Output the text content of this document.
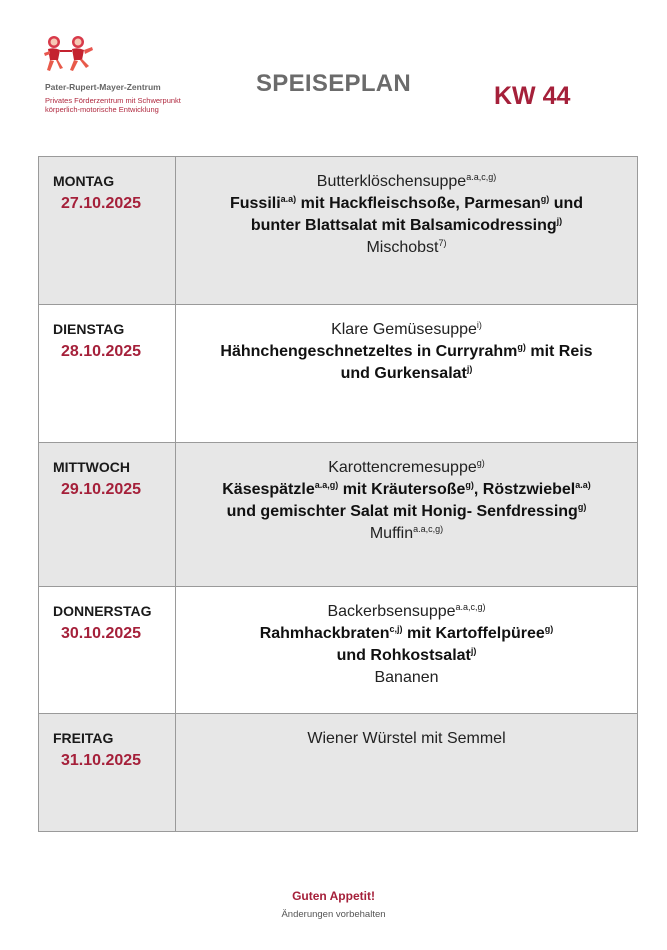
Pater-Rupert-Mayer-Zentrum
Privates Förderzentrum mit Schwerpunkt
körperlich-motorische Entwicklung
SPEISEPLAN	KW 44
MONTAG
27.10.2025
Butterklöschensuppe$^{a.a,c,g)}$
Fussili$^{a.a)}$ mit Hackfleischsoße, Parmesan$^{g)}$ und
bunter Blattsalat mit Balsamicodressing$^{j)}$
Mischobst$^{7)}$
DIENSTAG
28.10.2025
Klare Gemüsesuppe$^{i)}$
Hähnchengeschnetzeltes in Curryrahm$^{g)}$ mit Reis
und Gurkensalat$^{j)}$
MITTWOCH
29.10.2025
Karottencremesuppe$^{g)}$
Käsespätzle$^{a.a,g)}$ mit Kräutersoße$^{g)}$, Röstzwiebel$^{a.a)}$
und gemischter Salat mit Honig- Senfdressing$^{g)}$
Muffin$^{a.a,c,g)}$
DONNERSTAG
30.10.2025
Backerbsensuppe$^{a.a,c,g)}$
Rahmhackbraten$^{c,j)}$ mit Kartoffelpüree$^{g)}$
und Rohkostsalat$^{j)}$
Bananen
FREITAG
31.10.2025
Wiener Würstel mit Semmel
Guten Appetit!
Änderungen vorbehalten
